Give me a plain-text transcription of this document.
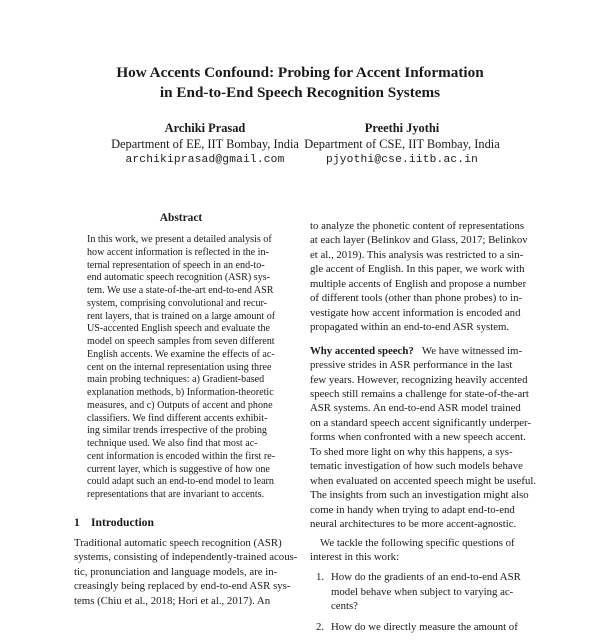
How Accents Confound: Probing for Accent Information
in End-to-End Speech Recognition Systems
Archiki Prasad
Department of EE, IIT Bombay, India
archikiprasad@gmail.com
Preethi Jyothi
Department of CSE, IIT Bombay, India
pjyothi@cse.iitb.ac.in
Abstract
In this work, we present a detailed analysis of
how accent information is reflected in the in-
ternal representation of speech in an end-to-
end automatic speech recognition (ASR) sys-
tem. We use a state-of-the-art end-to-end ASR
system, comprising convolutional and recur-
rent layers, that is trained on a large amount of
US-accented English speech and evaluate the
model on speech samples from seven different
English accents. We examine the effects of ac-
cent on the internal representation using three
main probing techniques: a) Gradient-based
explanation methods, b) Information-theoretic
measures, and c) Outputs of accent and phone
classifiers. We find different accents exhibit-
ing similar trends irrespective of the probing
technique used. We also find that most ac-
cent information is encoded within the first re-
current layer, which is suggestive of how one
could adapt such an end-to-end model to learn
representations that are invariant to accents.
1 Introduction
Traditional automatic speech recognition (ASR)
systems, consisting of independently-trained acous-
tic, pronunciation and language models, are in-
creasingly being replaced by end-to-end ASR sys-
tems (Chiu et al., 2018; Hori et al., 2017). An
to analyze the phonetic content of representations
at each layer (Belinkov and Glass, 2017; Belinkov
et al., 2019). This analysis was restricted to a sin-
gle accent of English. In this paper, we work with
multiple accents of English and propose a number
of different tools (other than phone probes) to in-
vestigate how accent information is encoded and
propagated within an end-to-end ASR system.
Why accented speech? We have witnessed im-
pressive strides in ASR performance in the last
few years. However, recognizing heavily accented
speech still remains a challenge for state-of-the-art
ASR systems. An end-to-end ASR model trained
on a standard speech accent significantly underper-
forms when confronted with a new speech accent.
To shed more light on why this happens, a sys-
tematic investigation of how such models behave
when evaluated on accented speech might be useful.
The insights from such an investigation might also
come in handy when trying to adapt end-to-end
neural architectures to be more accent-agnostic.
We tackle the following specific questions of
interest in this work:
1. How do the gradients of an end-to-end ASR
model behave when subject to varying ac-
cents?
2. How do we directly measure the amount of
